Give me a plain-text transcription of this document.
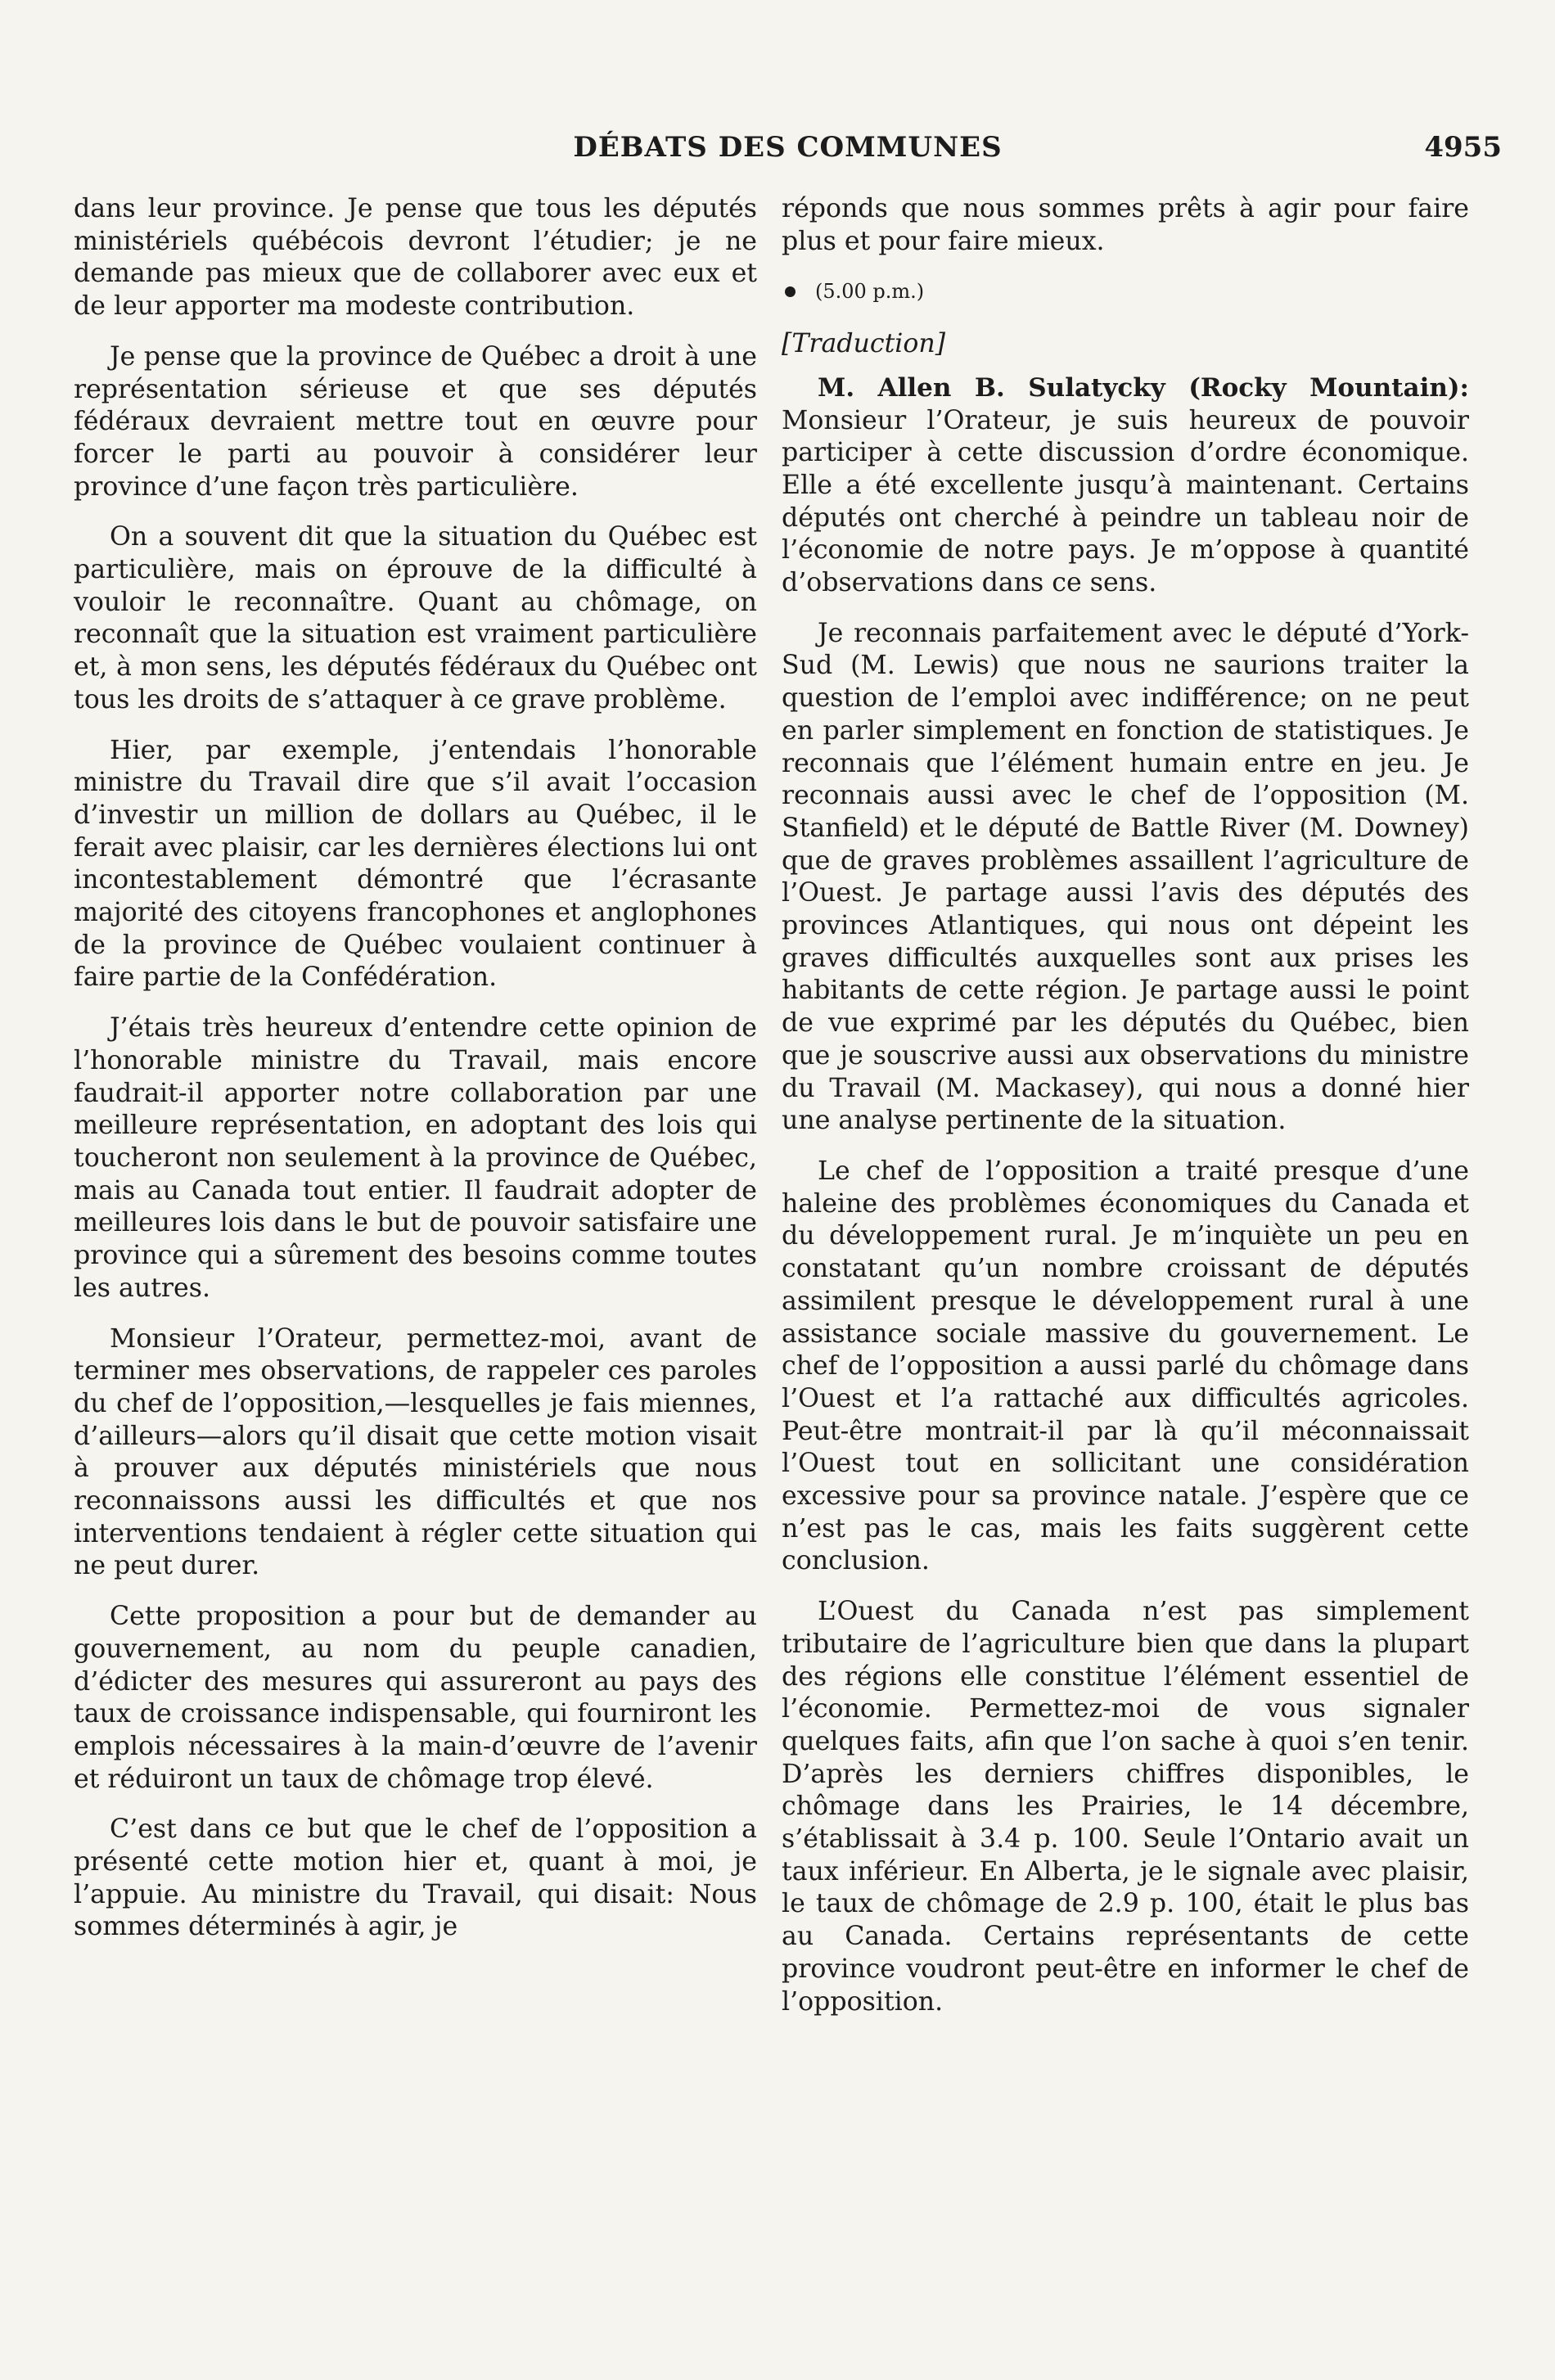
DÉBATS DES COMMUNES	4955

dans leur province. Je pense que tous les députés ministériels québécois devront l’étudier; je ne demande pas mieux que de collaborer avec eux et de leur apporter ma modeste contribution.

Je pense que la province de Québec a droit à une représentation sérieuse et que ses députés fédéraux devraient mettre tout en œuvre pour forcer le parti au pouvoir à considérer leur province d’une façon très particulière.

On a souvent dit que la situation du Québec est particulière, mais on éprouve de la difficulté à vouloir le reconnaître. Quant au chômage, on reconnaît que la situation est vraiment particulière et, à mon sens, les députés fédéraux du Québec ont tous les droits de s’attaquer à ce grave problème.

Hier, par exemple, j’entendais l’honorable ministre du Travail dire que s’il avait l’occasion d’investir un million de dollars au Québec, il le ferait avec plaisir, car les dernières élections lui ont incontestablement démontré que l’écrasante majorité des citoyens francophones et anglophones de la province de Québec voulaient continuer à faire partie de la Confédération.

J’étais très heureux d’entendre cette opinion de l’honorable ministre du Travail, mais encore faudrait-il apporter notre collaboration par une meilleure représentation, en adoptant des lois qui toucheront non seulement à la province de Québec, mais au Canada tout entier. Il faudrait adopter de meilleures lois dans le but de pouvoir satisfaire une province qui a sûrement des besoins comme toutes les autres.

Monsieur l’Orateur, permettez-moi, avant de terminer mes observations, de rappeler ces paroles du chef de l’opposition,—lesquelles je fais miennes, d’ailleurs—alors qu’il disait que cette motion visait à prouver aux députés ministériels que nous reconnaissons aussi les difficultés et que nos interventions tendaient à régler cette situation qui ne peut durer.

Cette proposition a pour but de demander au gouvernement, au nom du peuple canadien, d’édicter des mesures qui assureront au pays des taux de croissance indispensable, qui fourniront les emplois nécessaires à la main-d’œuvre de l’avenir et réduiront un taux de chômage trop élevé.

C’est dans ce but que le chef de l’opposition a présenté cette motion hier et, quant à moi, je l’appuie. Au ministre du Travail, qui disait: Nous sommes déterminés à agir, je

réponds que nous sommes prêts à agir pour faire plus et pour faire mieux.

(5.00 p.m.)
[Traduction]

M. Allen B. Sulatycky (Rocky Mountain): Monsieur l’Orateur, je suis heureux de pouvoir participer à cette discussion d’ordre économique. Elle a été excellente jusqu’à maintenant. Certains députés ont cherché à peindre un tableau noir de l’économie de notre pays. Je m’oppose à quantité d’observations dans ce sens.

Je reconnais parfaitement avec le député d’York-Sud (M. Lewis) que nous ne saurions traiter la question de l’emploi avec indifférence; on ne peut en parler simplement en fonction de statistiques. Je reconnais que l’élément humain entre en jeu. Je reconnais aussi avec le chef de l’opposition (M. Stanfield) et le député de Battle River (M. Downey) que de graves problèmes assaillent l’agriculture de l’Ouest. Je partage aussi l’avis des députés des provinces Atlantiques, qui nous ont dépeint les graves difficultés auxquelles sont aux prises les habitants de cette région. Je partage aussi le point de vue exprimé par les députés du Québec, bien que je souscrive aussi aux observations du ministre du Travail (M. Mackasey), qui nous a donné hier une analyse pertinente de la situation.

Le chef de l’opposition a traité presque d’une haleine des problèmes économiques du Canada et du développement rural. Je m’inquiète un peu en constatant qu’un nombre croissant de députés assimilent presque le développement rural à une assistance sociale massive du gouvernement. Le chef de l’opposition a aussi parlé du chômage dans l’Ouest et l’a rattaché aux difficultés agricoles. Peut-être montrait-il par là qu’il méconnaissait l’Ouest tout en sollicitant une considération excessive pour sa province natale. J’espère que ce n’est pas le cas, mais les faits suggèrent cette conclusion.

L’Ouest du Canada n’est pas simplement tributaire de l’agriculture bien que dans la plupart des régions elle constitue l’élément essentiel de l’économie. Permettez-moi de vous signaler quelques faits, afin que l’on sache à quoi s’en tenir. D’après les derniers chiffres disponibles, le chômage dans les Prairies, le 14 décembre, s’établissait à 3.4 p. 100. Seule l’Ontario avait un taux inférieur. En Alberta, je le signale avec plaisir, le taux de chômage de 2.9 p. 100, était le plus bas au Canada. Certains représentants de cette province voudront peut-être en informer le chef de l’opposition.
